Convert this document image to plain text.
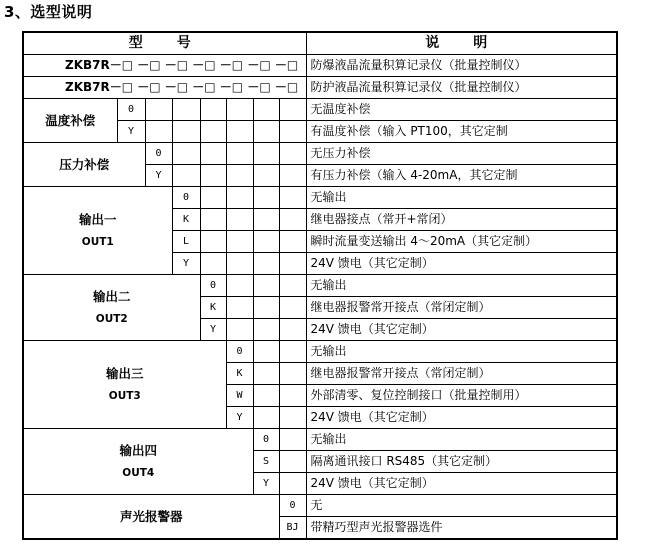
3、选型说明
型　号								说　明
ZKB7R－□ －□ －□ －□ －□ －□ －□								防爆液晶流量积算记录仪（批量控制仪）
ZKB7R－□ －□ －□ －□ －□ －□ －□								防护液晶流量积算记录仪（批量控制仪）
温度补偿	0							无温度补偿
	Y							有温度补偿（输入 PT100，其它定制
压力补偿		0						无压力补偿
		Y						有压力补偿（输入 4-20mA，其它定制
输出一
OUT1			0					无输出
			K					继电器接点（常开+常闭）
			L					瞬时流量变送输出 4～20mA（其它定制）
			Y					24V 馈电（其它定制）
输出二
OUT2				0				无输出
				K				继电器报警常开接点（常闭定制）
				Y				24V 馈电（其它定制）
输出三
OUT3					0			无输出
					K			继电器报警常开接点（常闭定制）
					W			外部清零、复位控制接口（批量控制用）
					Y			24V 馈电（其它定制）
输出四
OUT4						0		无输出
						S		隔离通讯接口 RS485（其它定制）
						Y		24V 馈电（其它定制）
声光报警器							0	无
							BJ	带精巧型声光报警器选件
